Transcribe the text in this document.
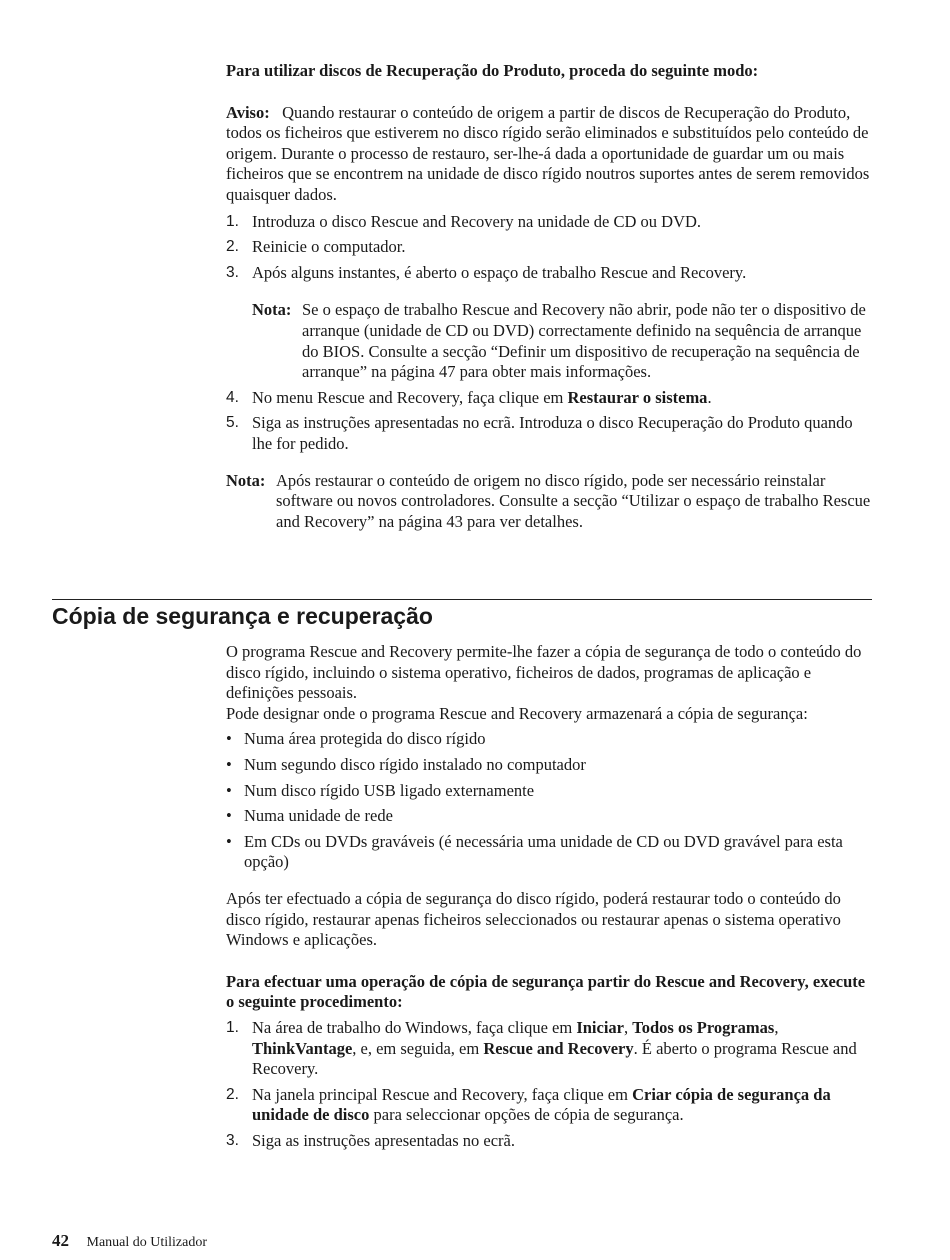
Para utilizar discos de Recuperação do Produto, proceda do seguinte modo:

Aviso: Quando restaurar o conteúdo de origem a partir de discos de Recuperação do Produto, todos os ficheiros que estiverem no disco rígido serão eliminados e substituídos pelo conteúdo de origem. Durante o processo de restauro, ser-lhe-á dada a oportunidade de guardar um ou mais ficheiros que se encontrem na unidade de disco rígido noutros suportes antes de serem removidos quaisquer dados.

1. Introduza o disco Rescue and Recovery na unidade de CD ou DVD.
2. Reinicie o computador.
3. Após alguns instantes, é aberto o espaço de trabalho Rescue and Recovery.
Nota: Se o espaço de trabalho Rescue and Recovery não abrir, pode não ter o dispositivo de arranque (unidade de CD ou DVD) correctamente definido na sequência de arranque do BIOS. Consulte a secção “Definir um dispositivo de recuperação na sequência de arranque” na página 47 para obter mais informações.
4. No menu Rescue and Recovery, faça clique em Restaurar o sistema.
5. Siga as instruções apresentadas no ecrã. Introduza o disco Recuperação do Produto quando lhe for pedido.
Nota: Após restaurar o conteúdo de origem no disco rígido, pode ser necessário reinstalar software ou novos controladores. Consulte a secção “Utilizar o espaço de trabalho Rescue and Recovery” na página 43 para ver detalhes.
Cópia de segurança e recuperação

O programa Rescue and Recovery permite-lhe fazer a cópia de segurança de todo o conteúdo do disco rígido, incluindo o sistema operativo, ficheiros de dados, programas de aplicação e definições pessoais.

Pode designar onde o programa Rescue and Recovery armazenará a cópia de segurança:

• Numa área protegida do disco rígido
• Num segundo disco rígido instalado no computador
• Num disco rígido USB ligado externamente
• Numa unidade de rede
• Em CDs ou DVDs graváveis (é necessária uma unidade de CD ou DVD gravável para esta opção)

Após ter efectuado a cópia de segurança do disco rígido, poderá restaurar todo o conteúdo do disco rígido, restaurar apenas ficheiros seleccionados ou restaurar apenas o sistema operativo Windows e aplicações.

Para efectuar uma operação de cópia de segurança partir do Rescue and Recovery, execute o seguinte procedimento:

1. Na área de trabalho do Windows, faça clique em Iniciar, Todos os Programas, ThinkVantage, e, em seguida, em Rescue and Recovery. É aberto o programa Rescue and Recovery.
2. Na janela principal Rescue and Recovery, faça clique em Criar cópia de segurança da unidade de disco para seleccionar opções de cópia de segurança.
3. Siga as instruções apresentadas no ecrã.
42 Manual do Utilizador
